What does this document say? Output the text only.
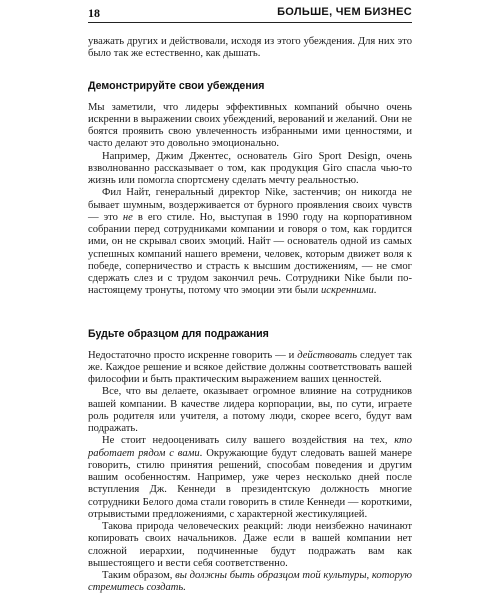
18	БОЛЬШЕ, ЧЕМ БИЗНЕС

уважать других и действовали, исходя из этого убеждения. Для них это было так же естественно, как дышать.

Демонстрируйте свои убеждения

Мы заметили, что лидеры эффективных компаний обычно очень искренни в выражении своих убеждений, верований и желаний. Они не боятся проявить свою увлеченность избранными ими ценностями, и часто делают это довольно эмоционально.

Например, Джим Джентес, основатель Giro Sport Design, очень взволнованно рассказывает о том, как продукция Giro спасла чью-то жизнь или помогла спортсмену сделать мечту реальностью.

Фил Найт, генеральный директор Nike, застенчив; он никогда не бывает шумным, воздерживается от бурного проявления своих чувств — это не в его стиле. Но, выступая в 1990 году на корпоративном собрании перед сотрудниками компании и говоря о том, как гордится ими, он не скрывал своих эмоций. Найт — основатель одной из самых успешных компаний нашего времени, человек, которым движет воля к победе, соперничество и страсть к высшим достижениям, — не смог сдержать слез и с трудом закончил речь. Сотрудники Nike были по-настоящему тронуты, потому что эмоции эти были искренними.

Будьте образцом для подражания

Недостаточно просто искренне говорить — и действовать следует так же. Каждое решение и всякое действие должны соответствовать вашей философии и быть практическим выражением ваших ценностей.

Все, что вы делаете, оказывает огромное влияние на сотрудников вашей компании. В качестве лидера корпорации, вы, по сути, играете роль родителя или учителя, а потому люди, скорее всего, будут вам подражать.

Не стоит недооценивать силу вашего воздействия на тех, кто работает рядом с вами. Окружающие будут следовать вашей манере говорить, стилю принятия решений, способам поведения и другим вашим особенностям. Например, уже через несколько дней после вступления Дж. Кеннеди в президентскую должность многие сотрудники Белого дома стали говорить в стиле Кеннеди — короткими, отрывистыми предложениями, с характерной жестикуляцией.

Такова природа человеческих реакций: люди неизбежно начинают копировать своих начальников. Даже если в вашей компании нет сложной иерархии, подчиненные будут подражать вам как вышестоящего и вести себя соответственно.

Таким образом, вы должны быть образцом той культуры, которую стремитесь создать.
